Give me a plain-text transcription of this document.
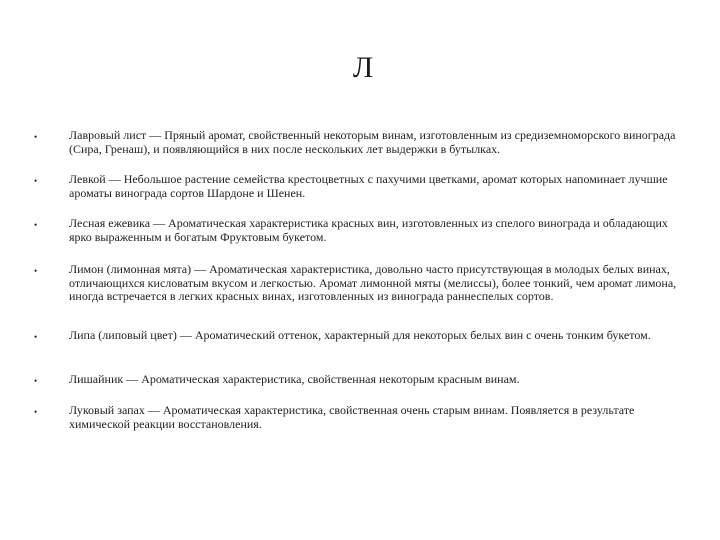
Л
•	Лавровый лист — Пряный аромат, свойственный некоторым винам, изготовленным из средиземноморского винограда (Сира, Гренаш), и появляющийся в них после нескольких лет выдержки в бутылках.
•	Левкой — Небольшое растение семейства крестоцветных с пахучими цветками, аромат которых напоминает лучшие ароматы винограда сортов Шардоне и Шенен.
•	Лесная ежевика — Ароматическая характеристика красных вин, изготовленных из спелого винограда и обладающих ярко выраженным и богатым Фруктовым букетом.
•	Лимон (лимонная мята) — Ароматическая характеристика, довольно часто присутствующая в молодых белых винах, отличающихся кисловатым вкусом и легкостью. Аромат лимонной мяты (мелиссы), более тонкий, чем аромат лимона, иногда встречается в легких красных винах, изготовленных из винограда раннеспелых сортов.
•	Липа (липовый цвет) — Ароматический оттенок, характерный для некоторых белых вин с очень тонким букетом.
•	Лишайник — Ароматическая характеристика, свойственная некоторым красным винам.
•	Луковый запах — Ароматическая характеристика, свойственная очень старым винам. Появляется в результате химической реакции восстановления.
